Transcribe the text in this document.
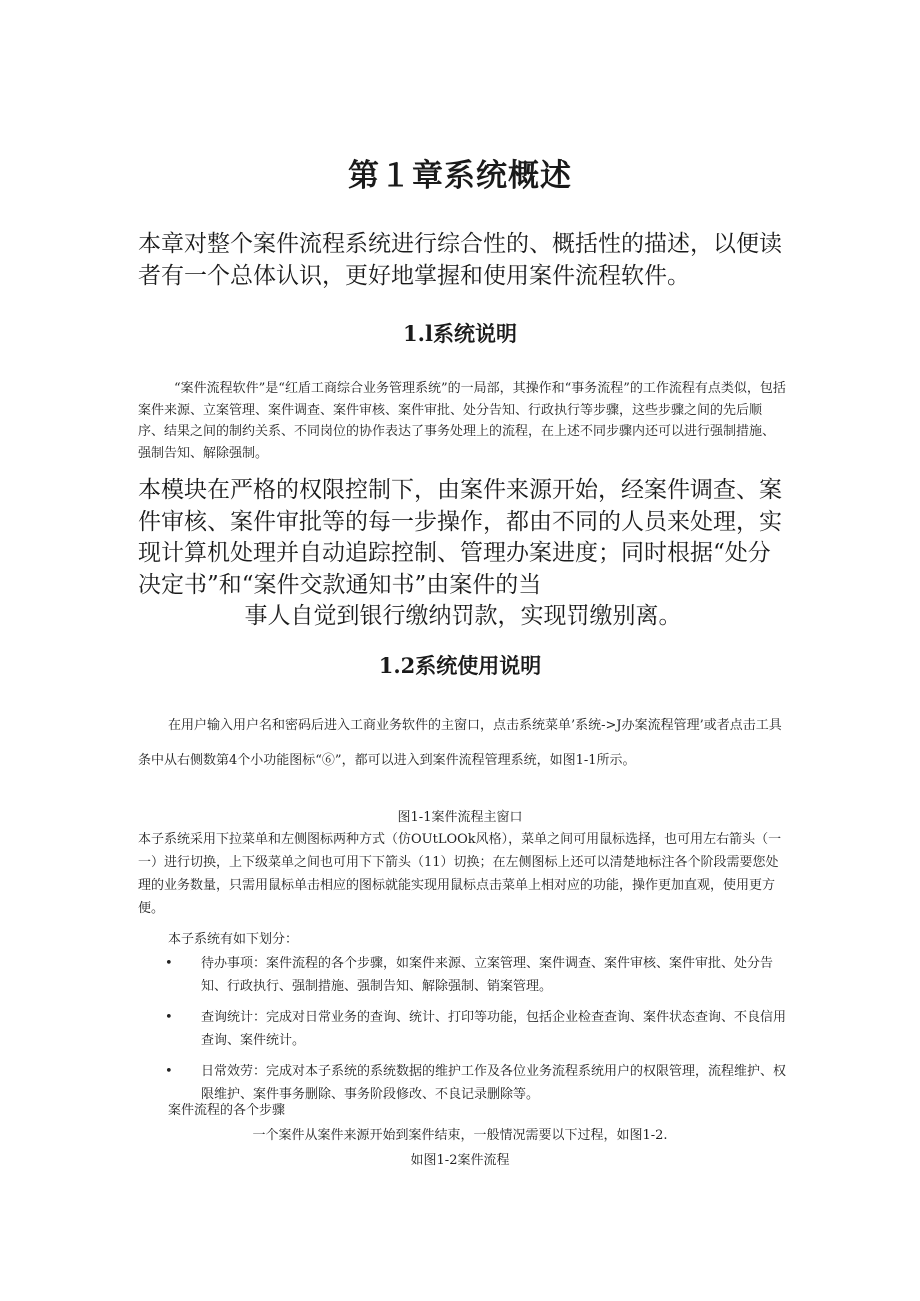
第１章系统概述

本章对整个案件流程系统进行综合性的、概括性的描述，以便读者有一个总体认识，更好地掌握和使用案件流程软件。

1.l系统说明

“案件流程软件”是“红盾工商综合业务管理系统”的一局部，其操作和“事务流程”的工作流程有点类似，包括案件来源、立案管理、案件调查、案件审核、案件审批、处分告知、行政执行等步骤，这些步骤之间的先后顺序、结果之间的制约关系、不同岗位的协作表达了事务处理上的流程，在上述不同步骤内还可以进行强制措施、强制告知、解除强制。

本模块在严格的权限控制下，由案件来源开始，经案件调查、案件审核、案件审批等的每一步操作，都由不同的人员来处理，实现计算机处理并自动追踪控制、管理办案进度；同时根据“处分决定书”和“案件交款通知书”由案件的当
事人自觉到银行缴纳罚款，实现罚缴别离。

1.2系统使用说明

在用户输入用户名和密码后进入工商业务软件的主窗口，点击系统菜单’系统->J办案流程管理’或者点击工具条中从右侧数第4个小功能图标“⑥”，都可以进入到案件流程管理系统，如图1-1所示。

图1-1案件流程主窗口

本子系统采用下拉菜单和左侧图标两种方式（仿OUtLOOk风格），菜单之间可用鼠标选择，也可用左右箭头（一一）进行切换，上下级菜单之间也可用下下箭头（11）切换；在左侧图标上还可以清楚地标注各个阶段需要您处理的业务数量，只需用鼠标单击相应的图标就能实现用鼠标点击菜单上相对应的功能，操作更加直观，使用更方便。

本子系统有如下划分：
• 待办事项：案件流程的各个步骤，如案件来源、立案管理、案件调查、案件审核、案件审批、处分告知、行政执行、强制措施、强制告知、解除强制、销案管理。
• 查询统计：完成对日常业务的查询、统计、打印等功能，包括企业检查查询、案件状态查询、不良信用查询、案件统计。
• 日常效劳：完成对本子系统的系统数据的维护工作及各位业务流程系统用户的权限管理，流程维护、权限维护、案件事务删除、事务阶段修改、不良记录删除等。
案件流程的各个步骤
一个案件从案件来源开始到案件结束，一般情况需要以下过程，如图1-2.
如图1-2案件流程
